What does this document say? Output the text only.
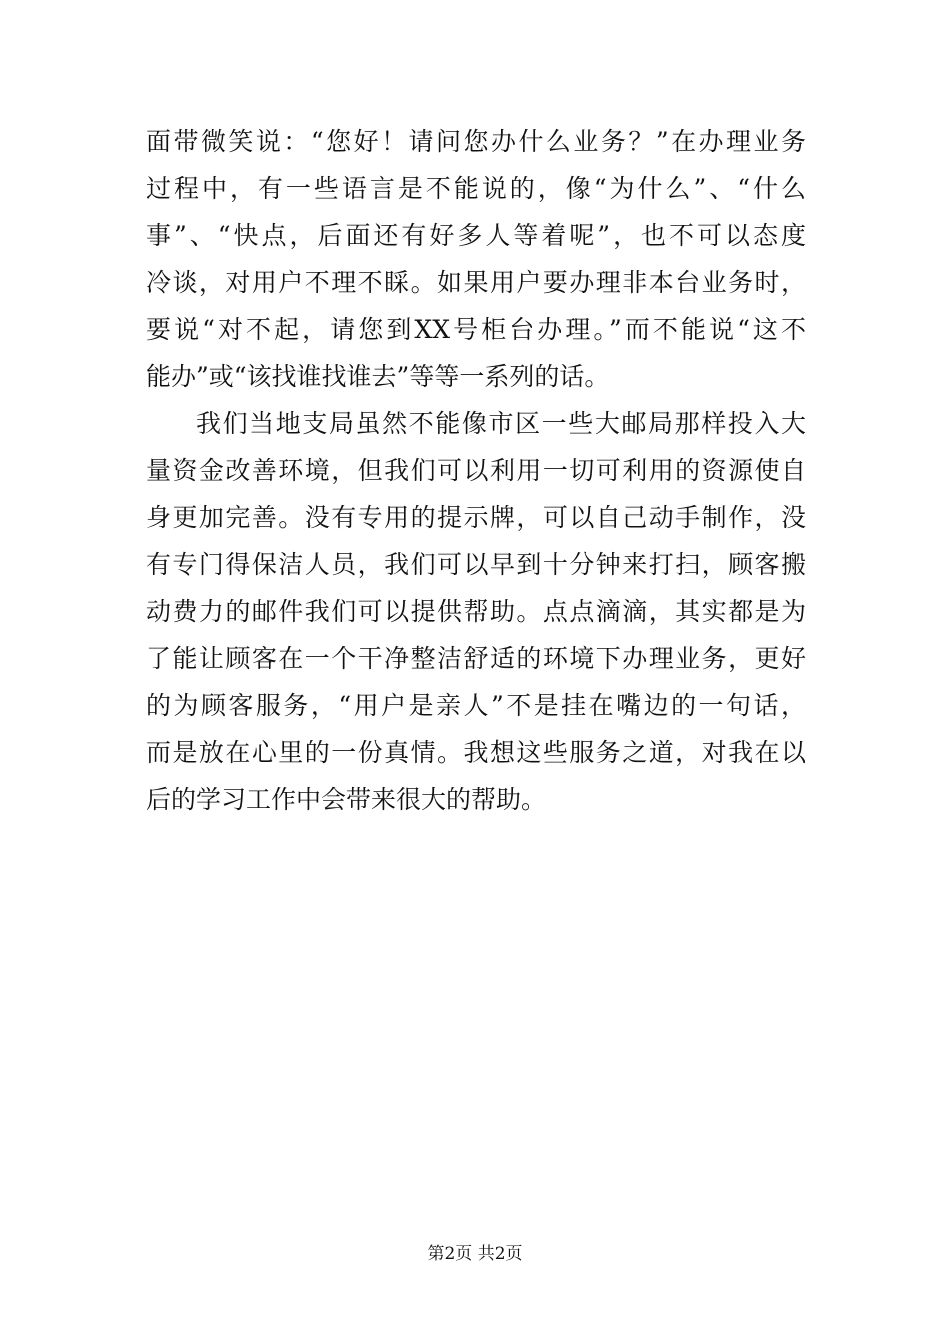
面带微笑说：“您好！请问您办什么业务？”在办理业务
过程中，有一些语言是不能说的，像“为什么”、“什么
事”、“快点，后面还有好多人等着呢”，也不可以态度
冷谈，对用户不理不睬。如果用户要办理非本台业务时，
要说“对不起，请您到XX号柜台办理。”而不能说“这不
能办”或“该找谁找谁去”等等一系列的话。
我们当地支局虽然不能像市区一些大邮局那样投入大
量资金改善环境，但我们可以利用一切可利用的资源使自
身更加完善。没有专用的提示牌，可以自己动手制作，没
有专门得保洁人员，我们可以早到十分钟来打扫，顾客搬
动费力的邮件我们可以提供帮助。点点滴滴，其实都是为
了能让顾客在一个干净整洁舒适的环境下办理业务，更好
的为顾客服务，“用户是亲人”不是挂在嘴边的一句话，
而是放在心里的一份真情。我想这些服务之道，对我在以
后的学习工作中会带来很大的帮助。
第2页 共2页
